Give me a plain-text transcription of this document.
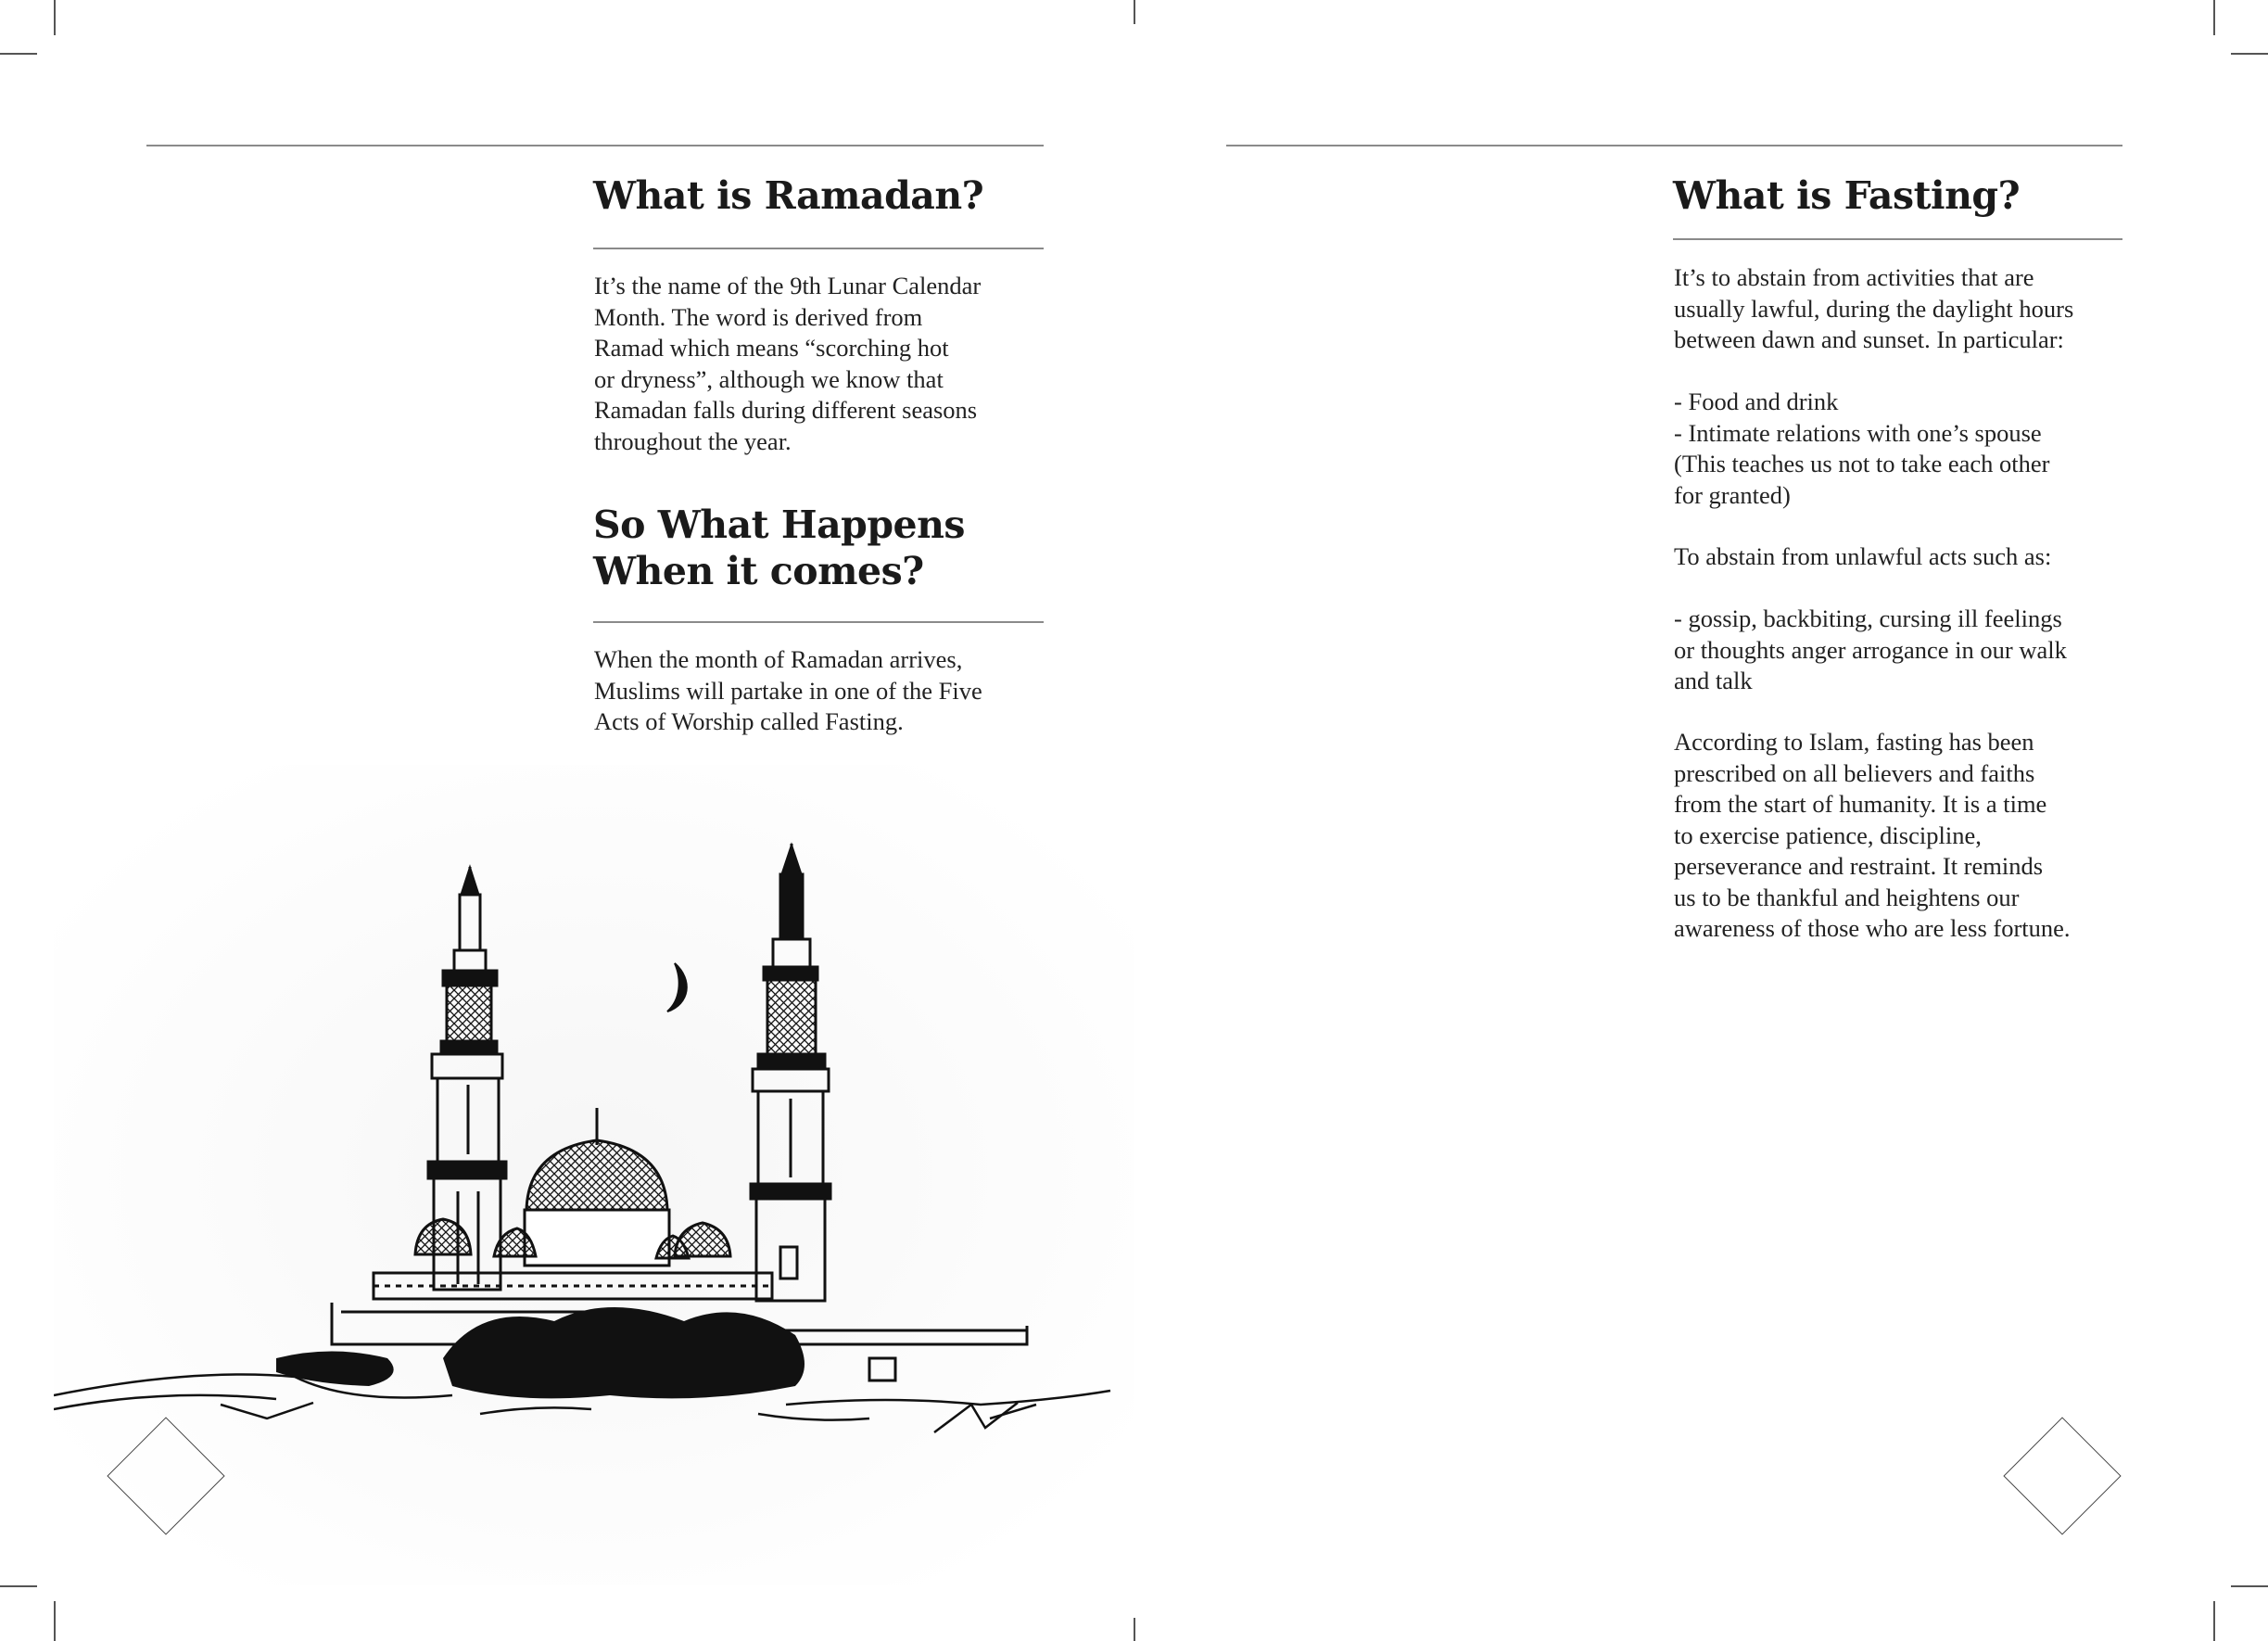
What is Ramadan?

It’s the name of the 9th Lunar Calendar
Month. The word is derived from
Ramad which means “scorching hot
or dryness”, although we know that
Ramadan falls during different seasons
throughout the year.

So What Happens
When it comes?

When the month of Ramadan arrives,
Muslims will partake in one of the Five
Acts of Worship called Fasting.

What is Fasting?

It’s to abstain from activities that are
usually lawful, during the daylight hours
between dawn and sunset. In particular:

- Food and drink
- Intimate relations with one’s spouse
(This teaches us not to take each other
for granted)

To abstain from unlawful acts such as:

- gossip, backbiting, cursing ill feelings
or thoughts anger arrogance in our walk
and talk

According to Islam, fasting has been
prescribed on all believers and faiths
from the start of humanity. It is a time
to exercise patience, discipline,
perseverance and restraint. It reminds
us to be thankful and heightens our
awareness of those who are less fortune.
